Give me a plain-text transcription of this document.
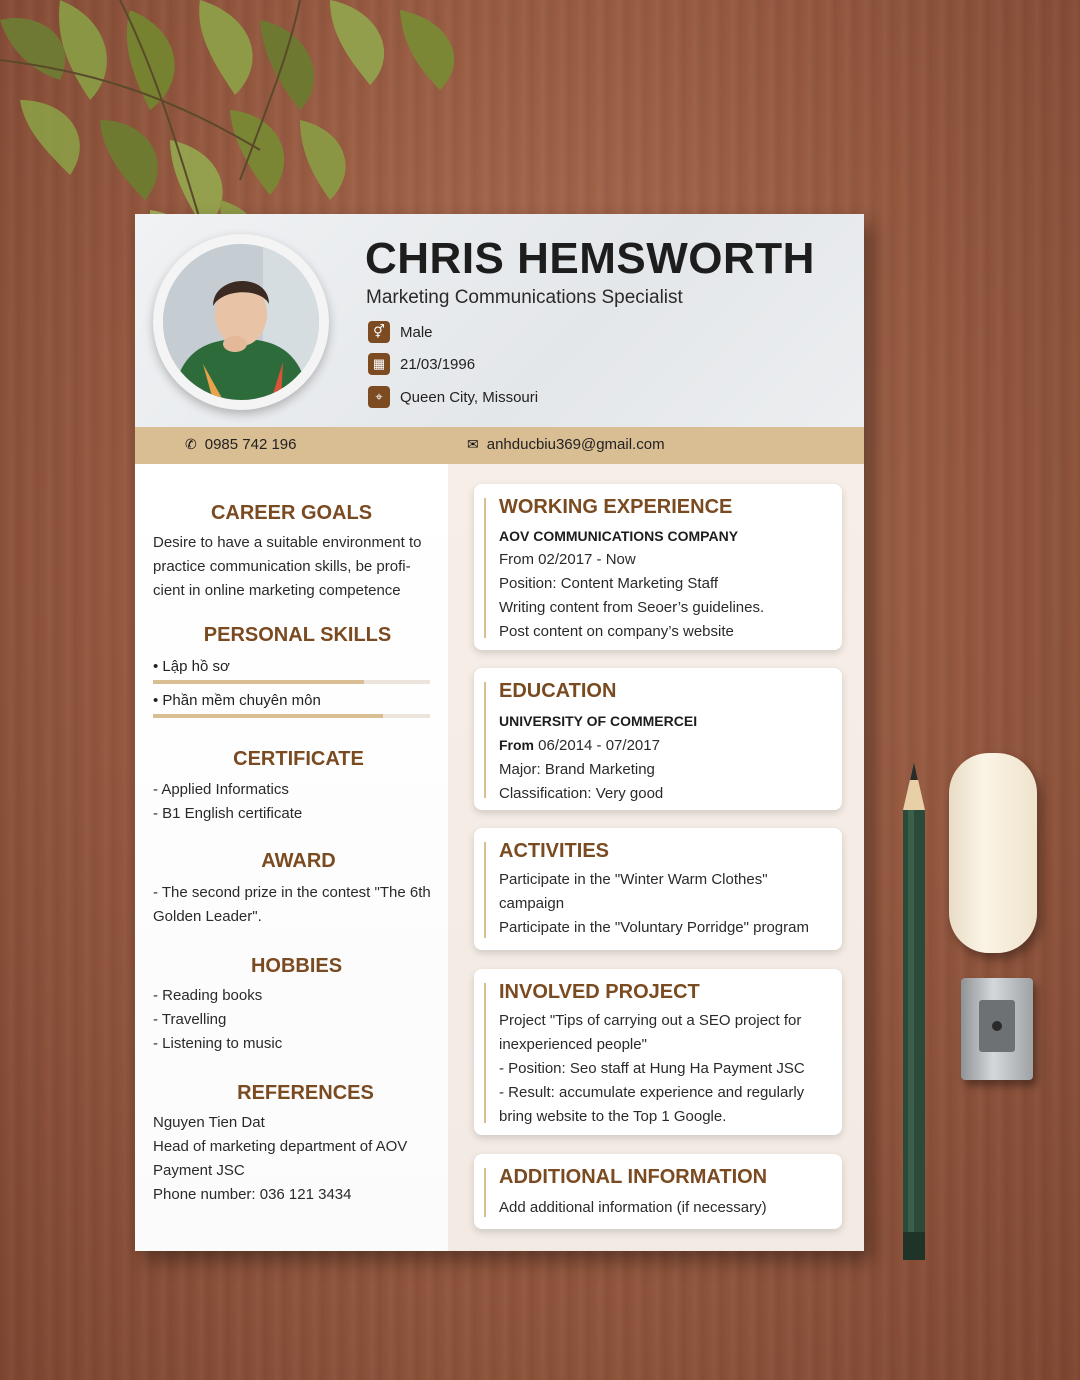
CHRIS HEMSWORTH
Marketing Communications Specialist
⚥	Male
▦ 21/03/1996
⌖	Queen City, Missouri
✆ 0985 742 196	✉ anhducbiu369@gmail.com
CAREER GOALS
Desire to have a suitable environment to
practice communication skills, be profi-
cient in online marketing competence
PERSONAL SKILLS
• Lập hồ sơ
• Phần mềm chuyên môn
CERTIFICATE
- Applied Informatics
- B1 English certificate
AWARD
- The second prize in the contest "The 6th
Golden Leader".
HOBBIES
- Reading books
- Travelling
- Listening to music
REFERENCES
Nguyen Tien Dat
Head of marketing department of AOV
Payment JSC
Phone number: 036 121 3434
WORKING EXPERIENCE
AOV COMMUNICATIONS COMPANY
From 02/2017 - Now
Position: Content Marketing Staff
Writing content from Seoer’s guidelines.
Post content on company’s website
EDUCATION
UNIVERSITY OF COMMERCEI
From 06/2014 - 07/2017
Major: Brand Marketing
Classification: Very good
ACTIVITIES
Participate in the "Winter Warm Clothes"
campaign
Participate in the "Voluntary Porridge" program
INVOLVED PROJECT
Project "Tips of carrying out a SEO project for
inexperienced people"
- Position: Seo staff at Hung Ha Payment JSC
- Result: accumulate experience and regularly
bring website to the Top 1 Google.
ADDITIONAL INFORMATION
Add additional information (if necessary)
